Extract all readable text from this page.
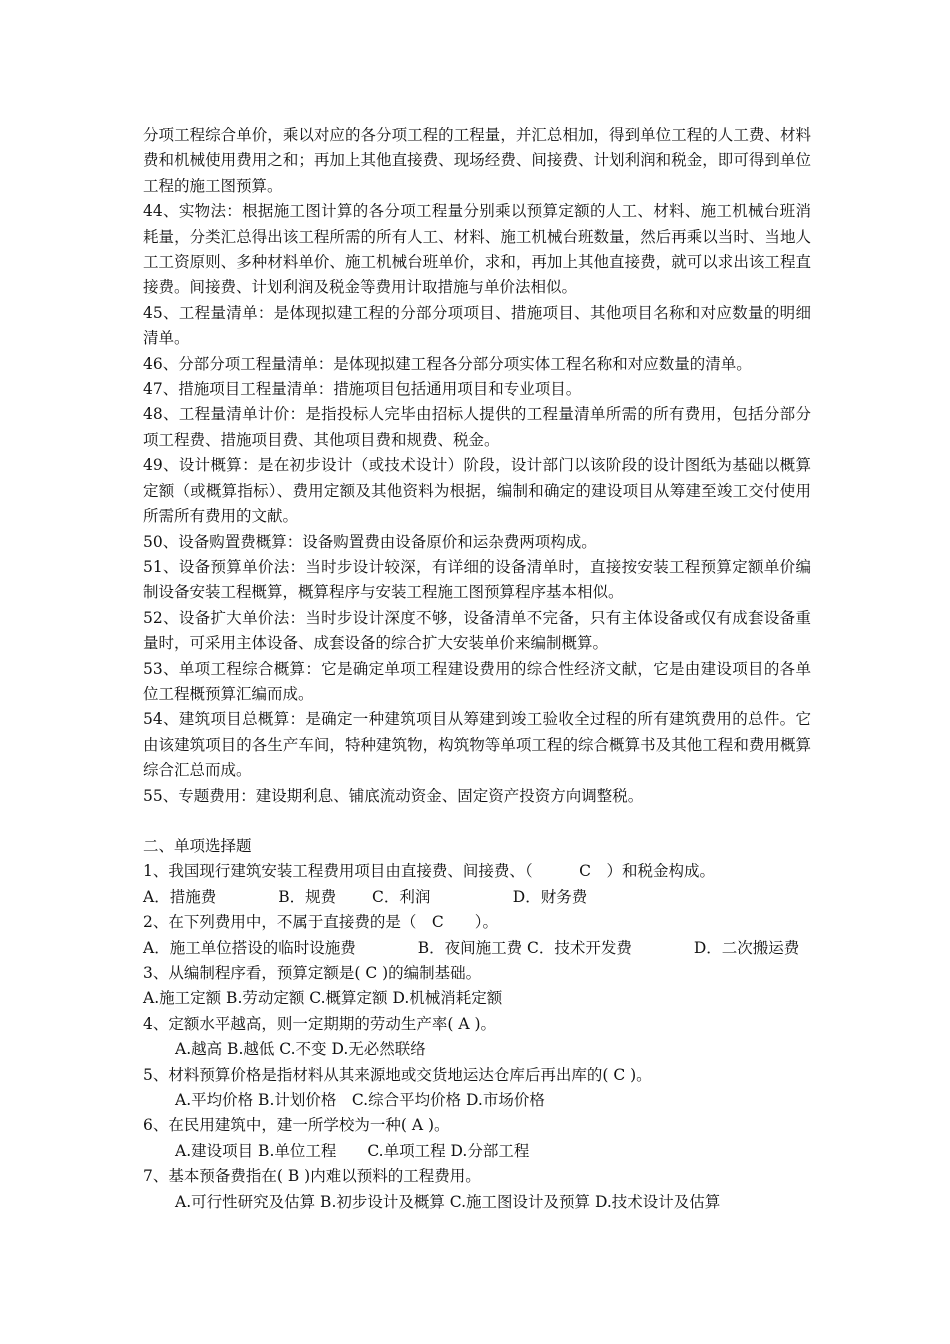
分项工程综合单价，乘以对应的各分项工程的工程量，并汇总相加，得到单位工程的人工费、材料费和机械使用费用之和；再加上其他直接费、现场经费、间接费、计划利润和税金，即可得到单位工程的施工图预算。

44、实物法：根据施工图计算的各分项工程量分别乘以预算定额的人工、材料、施工机械台班消耗量，分类汇总得出该工程所需的所有人工、材料、施工机械台班数量，然后再乘以当时、当地人工工资原则、多种材料单价、施工机械台班单价，求和，再加上其他直接费，就可以求出该工程直接费。间接费、计划利润及税金等费用计取措施与单价法相似。

45、工程量清单：是体现拟建工程的分部分项项目、措施项目、其他项目名称和对应数量的明细清单。

46、分部分项工程量清单：是体现拟建工程各分部分项实体工程名称和对应数量的清单。

47、措施项目工程量清单：措施项目包括通用项目和专业项目。

48、工程量清单计价：是指投标人完毕由招标人提供的工程量清单所需的所有费用，包括分部分项工程费、措施项目费、其他项目费和规费、税金。

49、设计概算：是在初步设计（或技术设计）阶段，设计部门以该阶段的设计图纸为基础以概算定额（或概算指标）、费用定额及其他资料为根据，编制和确定的建设项目从筹建至竣工交付使用所需所有费用的文献。

50、设备购置费概算：设备购置费由设备原价和运杂费两项构成。

51、设备预算单价法：当时步设计较深，有详细的设备清单时，直接按安装工程预算定额单价编制设备安装工程概算，概算程序与安装工程施工图预算程序基本相似。

52、设备扩大单价法：当时步设计深度不够，设备清单不完备，只有主体设备或仅有成套设备重量时，可采用主体设备、成套设备的综合扩大安装单价来编制概算。

53、单项工程综合概算：它是确定单项工程建设费用的综合性经济文献，它是由建设项目的各单位工程概预算汇编而成。

54、建筑项目总概算：是确定一种建筑项目从筹建到竣工验收全过程的所有建筑费用的总件。它由该建筑项目的各生产车间，特种建筑物，构筑物等单项工程的综合概算书及其他工程和费用概算综合汇总而成。

55、专题费用：建设期利息、铺底流动资金、固定资产投资方向调整税。

二、单项选择题

1、我国现行建筑安装工程费用项目由直接费、间接费、（　　　C　）和税金构成。

A．措施费　　　　B．规费　　 C．利润　　　　　 D．财务费

2、在下列费用中，不属于直接费的是（　C　　）。

A．施工单位搭设的临时设施费　　　　B．夜间施工费 C．技术开发费　　　　D．二次搬运费

3、从编制程序看，预算定额是( C )的编制基础。

A.施工定额 B.劳动定额 C.概算定额 D.机械消耗定额

4、定额水平越高，则一定期期的劳动生产率( A )。

A.越高 B.越低 C.不变 D.无必然联络

5、材料预算价格是指材料从其来源地或交货地运达仓库后再出库的( C )。

A.平均价格 B.计划价格　C.综合平均价格 D.市场价格

6、在民用建筑中，建一所学校为一种( A )。

A.建设项目 B.单位工程　　C.单项工程 D.分部工程

7、基本预备费指在( B )内难以预料的工程费用。

A.可行性研究及估算 B.初步设计及概算 C.施工图设计及预算 D.技术设计及估算
